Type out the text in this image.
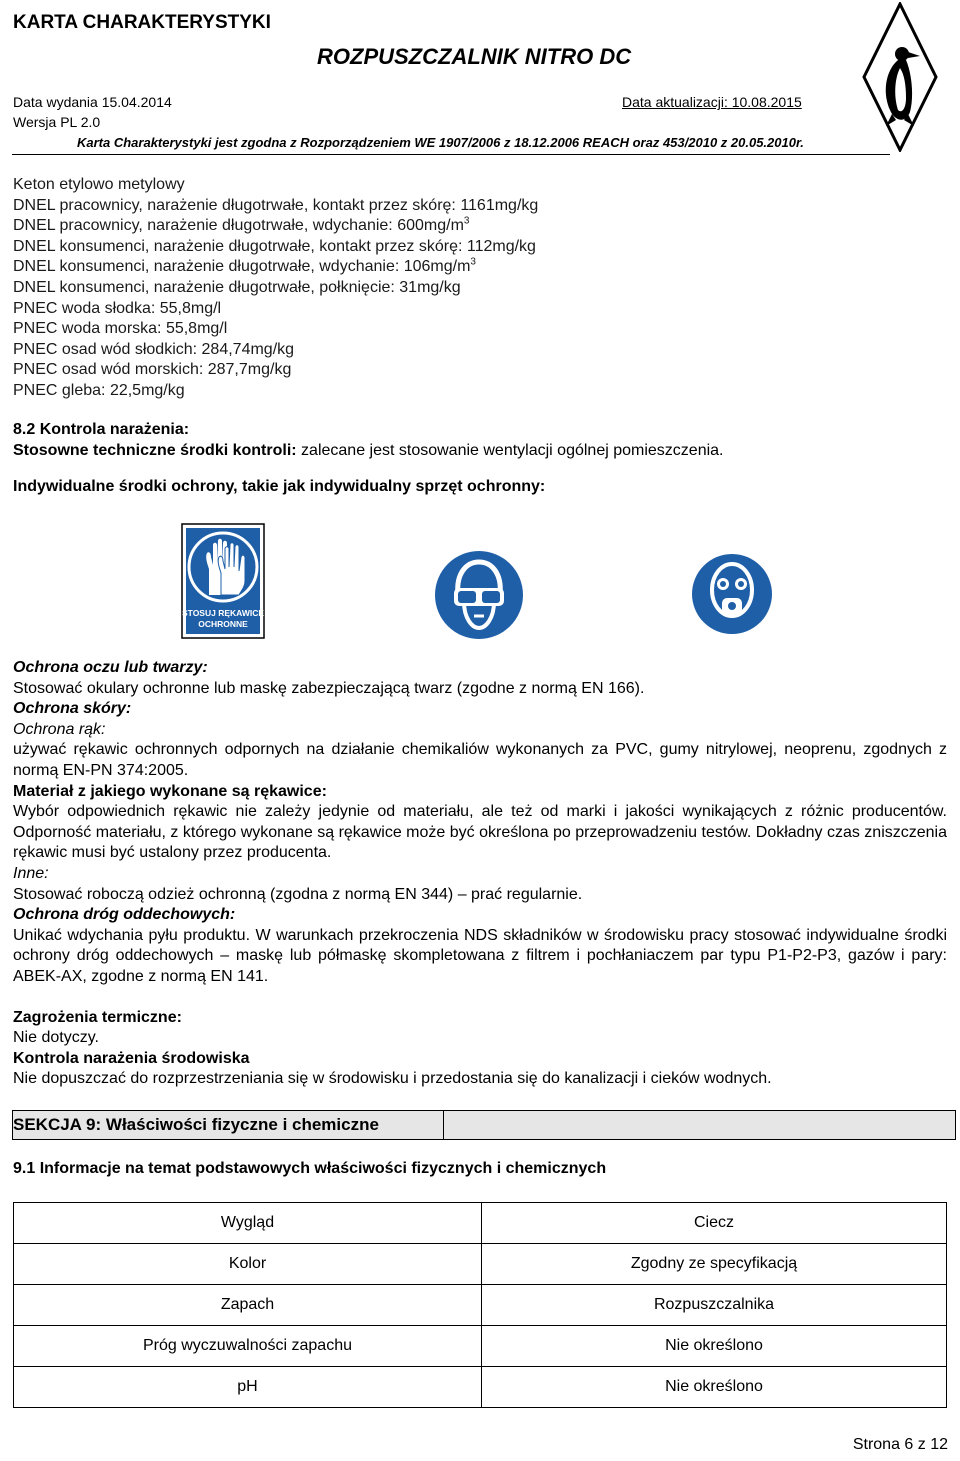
KARTA CHARAKTERYSTYKI
ROZPUSZCZALNIK NITRO DC
Data wydania 15.04.2014	Data aktualizacji: 10.08.2015
Wersja PL 2.0
Karta Charakterystyki jest zgodna z Rozporządzeniem WE 1907/2006 z 18.12.2006 REACH oraz 453/2010 z 20.05.2010r.
Keton etylowo metylowy
DNEL pracownicy, narażenie długotrwałe, kontakt przez skórę: 1161mg/kg
DNEL pracownicy, narażenie długotrwałe, wdychanie: $600mg/m^3$
DNEL konsumenci, narażenie długotrwałe, kontakt przez skórę: 112mg/kg
DNEL konsumenci, narażenie długotrwałe, wdychanie: $106mg/m^3$
DNEL konsumenci, narażenie długotrwałe, połknięcie: 31mg/kg
PNEC woda słodka: 55,8mg/l
PNEC woda morska: 55,8mg/l
PNEC osad wód słodkich: 284,74mg/kg
PNEC osad wód morskich: 287,7mg/kg
PNEC gleba: 22,5mg/kg
8.2 Kontrola narażenia:
Stosowne techniczne środki kontroli: zalecane jest stosowanie wentylacji ogólnej pomieszczenia.
Indywidualne środki ochrony, takie jak indywidualny sprzęt ochronny:
STOSUJ RĘKAWICE
OCHRONNE
Ochrona oczu lub twarzy:
Stosować okulary ochronne lub maskę zabezpieczającą twarz (zgodne z normą EN 166).
Ochrona skóry:
Ochrona rąk:
używać rękawic ochronnych odpornych na działanie chemikaliów wykonanych za PVC, gumy nitrylowej, neoprenu, zgodnych z normą EN-PN 374:2005.
Materiał z jakiego wykonane są rękawice:
Wybór odpowiednich rękawic nie zależy jedynie od materiału, ale też od marki i jakości wynikających z różnic producentów. Odporność materiału, z którego wykonane są rękawice może być określona po przeprowadzeniu testów. Dokładny czas zniszczenia rękawic musi być ustalony przez producenta.
Inne:
Stosować roboczą odzież ochronną (zgodna z normą EN 344) – prać regularnie.
Ochrona dróg oddechowych:
Unikać wdychania pyłu produktu. W warunkach przekroczenia NDS składników w środowisku pracy stosować indywidualne środki ochrony dróg oddechowych – maskę lub półmaskę skompletowana z filtrem i pochłaniaczem par typu P1-P2-P3, gazów i pary: ABEK-AX, zgodne z normą EN 141.
Zagrożenia termiczne:
Nie dotyczy.
Kontrola narażenia środowiska
Nie dopuszczać do rozprzestrzeniania się w środowisku i przedostania się do kanalizacji i cieków wodnych.
SEKCJA 9: Właściwości fizyczne i chemiczne
9.1 Informacje na temat podstawowych właściwości fizycznych i chemicznych
Wygląd	Ciecz
Kolor	Zgodny ze specyfikacją
Zapach	Rozpuszczalnika
Próg wyczuwalności zapachu	Nie określono
pH	Nie określono
Strona 6 z 12
